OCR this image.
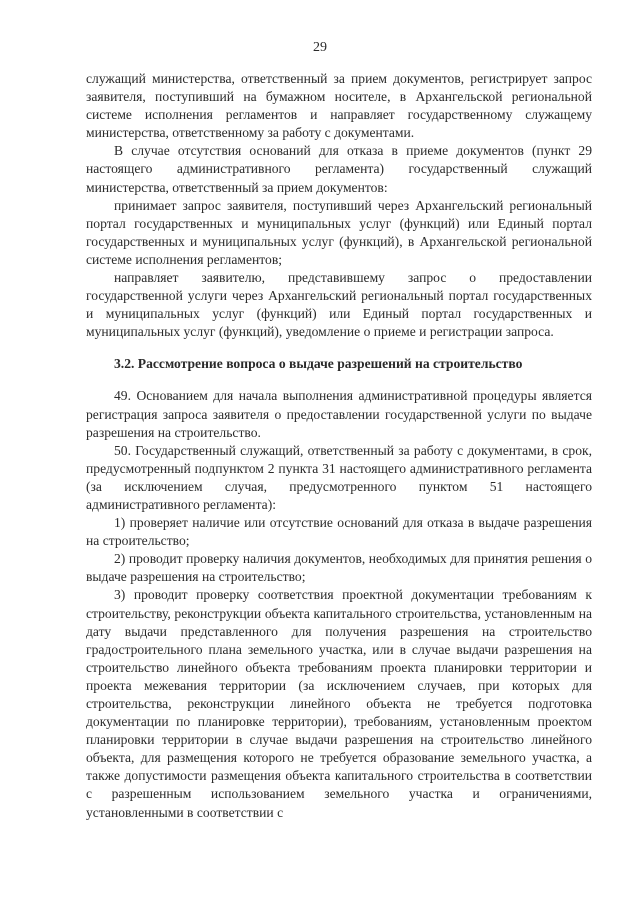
29

служащий министерства, ответственный за прием документов, регистрирует запрос заявителя, поступивший на бумажном носителе, в Архангельской региональной системе исполнения регламентов и направляет государственному служащему министерства, ответственному за работу с документами.

В случае отсутствия оснований для отказа в приеме документов (пункт 29 настоящего административного регламента) государственный служащий министерства, ответственный за прием документов:

принимает запрос заявителя, поступивший через Архангельский региональный портал государственных и муниципальных услуг (функций) или Единый портал государственных и муниципальных услуг (функций), в Архангельской региональной системе исполнения регламентов;

направляет заявителю, представившему запрос о предоставлении государственной услуги через Архангельский региональный портал государственных и муниципальных услуг (функций) или Единый портал государственных и муниципальных услуг (функций), уведомление о приеме и регистрации запроса.

3.2. Рассмотрение вопроса о выдаче разрешений на строительство

49. Основанием для начала выполнения административной процедуры является регистрация запроса заявителя о предоставлении государственной услуги по выдаче разрешения на строительство.

50. Государственный служащий, ответственный за работу с документами, в срок, предусмотренный подпунктом 2 пункта 31 настоящего административного регламента (за исключением случая, предусмотренного пунктом 51 настоящего административного регламента):

1) проверяет наличие или отсутствие оснований для отказа в выдаче разрешения на строительство;

2) проводит проверку наличия документов, необходимых для принятия решения о выдаче разрешения на строительство;

3) проводит проверку соответствия проектной документации требованиям к строительству, реконструкции объекта капитального строительства, установленным на дату выдачи представленного для получения разрешения на строительство градостроительного плана земельного участка, или в случае выдачи разрешения на строительство линейного объекта требованиям проекта планировки территории и проекта межевания территории (за исключением случаев, при которых для строительства, реконструкции линейного объекта не требуется подготовка документации по планировке территории), требованиям, установленным проектом планировки территории в случае выдачи разрешения на строительство линейного объекта, для размещения которого не требуется образование земельного участка, а также допустимости размещения объекта капитального строительства в соответствии с разрешенным использованием земельного участка и ограничениями, установленными в соответствии с
